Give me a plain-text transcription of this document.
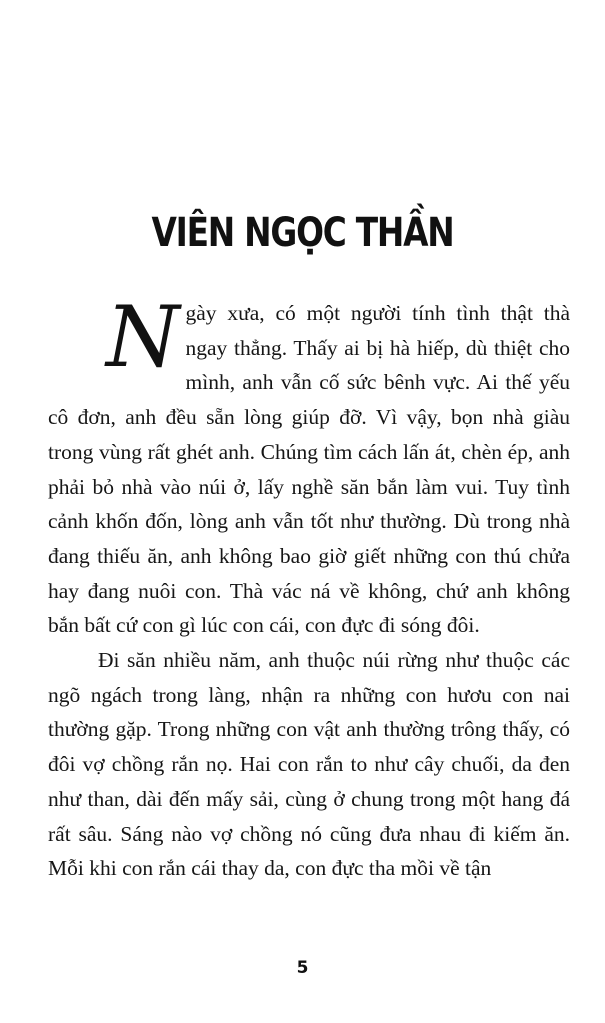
VIÊN NGỌC THẦN

Ngày xưa, có một người tính tình thật thà ngay thẳng. Thấy ai bị hà hiếp, dù thiệt cho mình, anh vẫn cố sức bênh vực. Ai thế yếu cô đơn, anh đều sẵn lòng giúp đỡ. Vì vậy, bọn nhà giàu trong vùng rất ghét anh. Chúng tìm cách lấn át, chèn ép, anh phải bỏ nhà vào núi ở, lấy nghề săn bắn làm vui. Tuy tình cảnh khốn đốn, lòng anh vẫn tốt như thường. Dù trong nhà đang thiếu ăn, anh không bao giờ giết những con thú chửa hay đang nuôi con. Thà vác ná về không, chứ anh không bắn bất cứ con gì lúc con cái, con đực đi sóng đôi.

Đi săn nhiều năm, anh thuộc núi rừng như thuộc các ngõ ngách trong làng, nhận ra những con hươu con nai thường gặp. Trong những con vật anh thường trông thấy, có đôi vợ chồng rắn nọ. Hai con rắn to như cây chuối, da đen như than, dài đến mấy sải, cùng ở chung trong một hang đá rất sâu. Sáng nào vợ chồng nó cũng đưa nhau đi kiếm ăn. Mỗi khi con rắn cái thay da, con đực tha mồi về tận

5
